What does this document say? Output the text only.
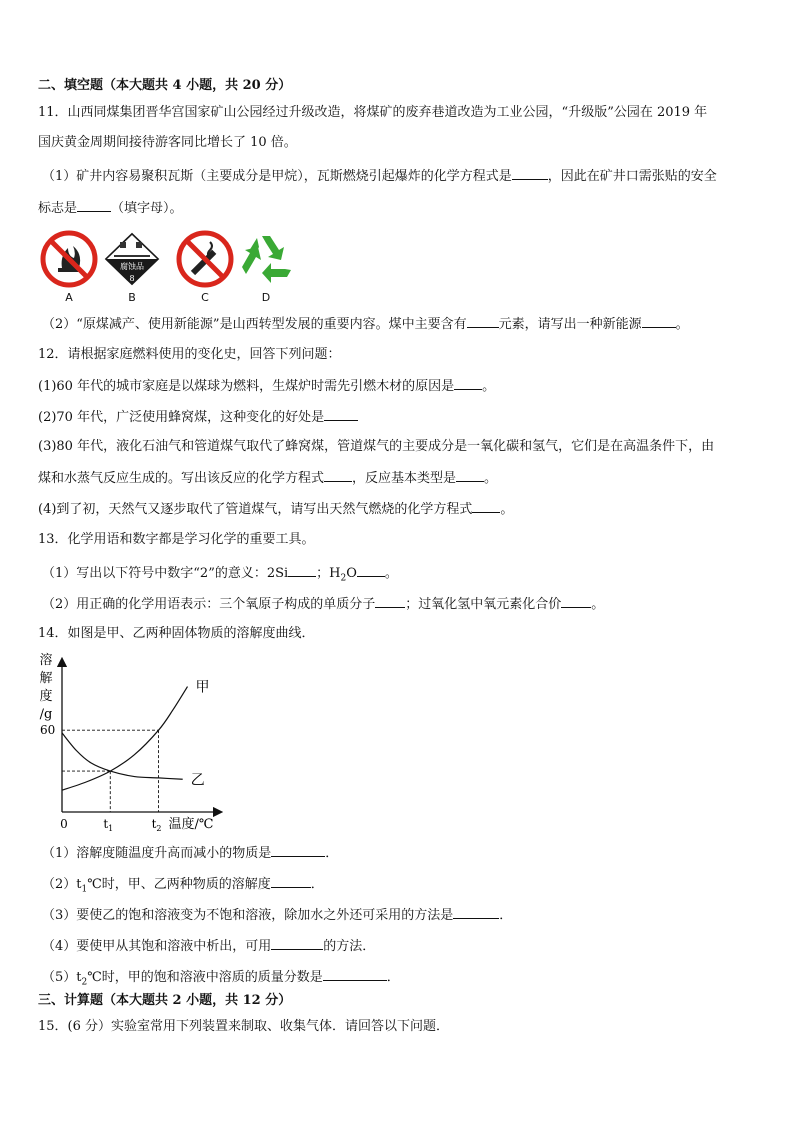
二、填空题（本大题共 4 小题，共 20 分）
11．山西同煤集团晋华宫国家矿山公园经过升级改造，将煤矿的废弃巷道改造为工业公园，“升级版”公园在 2019 年
国庆黄金周期间接待游客同比增长了 10 倍。
（1）矿井内容易聚积瓦斯（主要成分是甲烷），瓦斯燃烧引起爆炸的化学方程式是	，因此在矿井口需张贴的安全
标志是	（填字母）。
腐蚀品
8
A	B	C	D
（2）“原煤减产、使用新能源”是山西转型发展的重要内容。煤中主要含有 元素，请写出一种新能源	。
12．请根据家庭燃料使用的变化史，回答下列问题：
(1)60 年代的城市家庭是以煤球为燃料，生煤炉时需先引燃木材的原因是 。
(2)70 年代，广泛使用蜂窝煤，这种变化的好处是
(3)80 年代，液化石油气和管道煤气取代了蜂窝煤，管道煤气的主要成分是一氧化碳和氢气，它们是在高温条件下，由
煤和水蒸气反应生成的。写出该反应的化学方程式 ，反应基本类型是 。
(4)到了初，天然气又逐步取代了管道煤气，请写出天然气燃烧的化学方程式 。
13．化学用语和数字都是学习化学的重要工具。
（1）写出以下符号中数字“2”的意义：2Si ；$H_2O$ 。
（2）用正确的化学用语表示：三个氧原子构成的单质分子 ；过氧化氢中氧元素化合价 。
14．如图是甲、乙两种固体物质的溶解度曲线．
溶
解
度
/g
甲
乙
0	$t_1$	$t_2$ 温度/℃
60
（1）溶解度随温度升高而减小的物质是	．
$(2)t_1℃$时，甲、乙两种物质的溶解度	．
（3）要使乙的饱和溶液变为不饱和溶液，除加水之外还可采用的方法是	．
（4）要使甲从其饱和溶液中析出，可用	的方法．
$(5)t_2℃$时，甲的饱和溶液中溶质的质量分数是	．
三、计算题（本大题共 2 小题，共 12 分）
15．(6 分）实验室常用下列装置来制取、收集气体．请回答以下问题．
